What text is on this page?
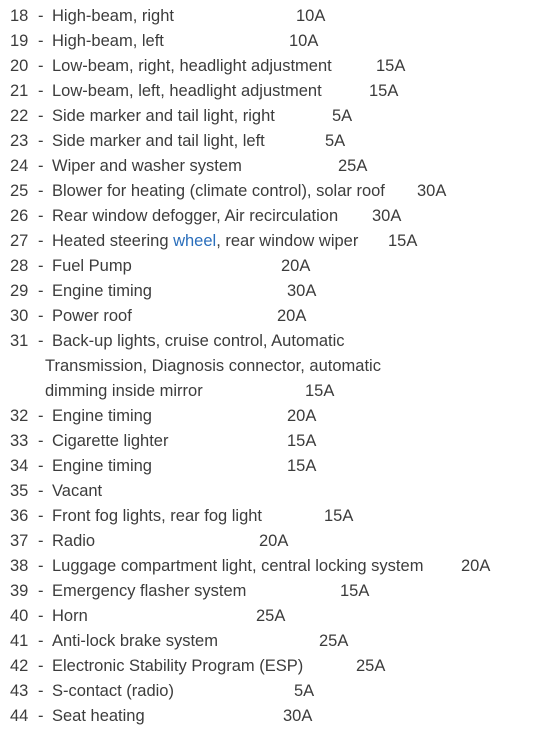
18 - High-beam, right	10A
19 - High-beam, left	10A
20 - Low-beam, right, headlight adjustment	15A
21 - Low-beam, left, headlight adjustment	15A
22 - Side marker and tail light, right	5A
23 - Side marker and tail light, left	5A
24 - Wiper and washer system	25A
25 - Blower for heating (climate control), solar roof 30A
26 - Rear window defogger, Air recirculation 30A
27 - Heated steering wheel, rear window wiper 15A
28 - Fuel Pump	20A
29 - Engine timing	30A
30 - Power roof	20A
31 - Back-up lights, cruise control, Automatic
Transmission, Diagnosis connector, automatic
dimming inside mirror	15A
32 - Engine timing	20A
33 - Cigarette lighter	15A
34 - Engine timing	15A
35 - Vacant
36 - Front fog lights, rear fog light	15A
37 - Radio	20A
38 - Luggage compartment light, central locking system 20A
39 - Emergency flasher system	15A
40 - Horn	25A
41 - Anti-lock brake system	25A
42 - Electronic Stability Program (ESP)	25A
43 - S-contact (radio)	5A
44 - Seat heating	30A
